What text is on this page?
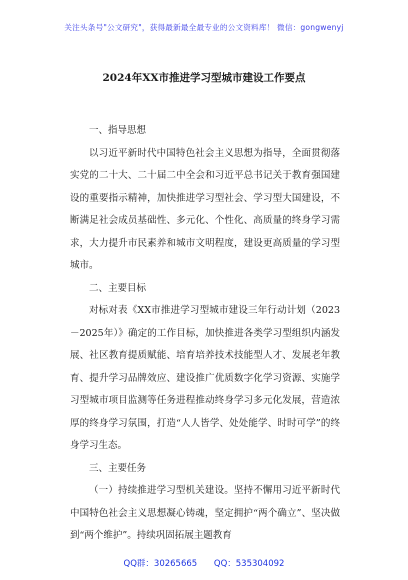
关注头条号"公文研究"，获得最新最全最专业的公文资料库！ 微信：gongwenyj
2024年XX市推进学习型城市建设工作要点

一、指导思想

以习近平新时代中国特色社会主义思想为指导，全面贯彻落实党的二十大、二十届二中全会和习近平总书记关于教育强国建设的重要指示精神，加快推进学习型社会、学习型大国建设，不断满足社会成员基础性、多元化、个性化、高质量的终身学习需求，大力提升市民素养和城市文明程度，建设更高质量的学习型城市。

二、主要目标

对标对表《XX市推进学习型城市建设三年行动计划（2023－2025年）》确定的工作目标，加快推进各类学习型组织内涵发展、社区教育提质赋能、培育培养技术技能型人才、发展老年教育、提升学习品牌效应、建设推广优质数字化学习资源、实施学习型城市项目监测等任务进程推动终身学习多元化发展，营造浓厚的终身学习氛围，打造“人人皆学、处处能学、时时可学”的终身学习生态。

三、主要任务

（一）持续推进学习型机关建设。坚持不懈用习近平新时代中国特色社会主义思想凝心铸魂，坚定拥护“两个确立”、坚决做到“两个维护”。持续巩固拓展主题教育

QQ群：30265665 QQ：535304092
